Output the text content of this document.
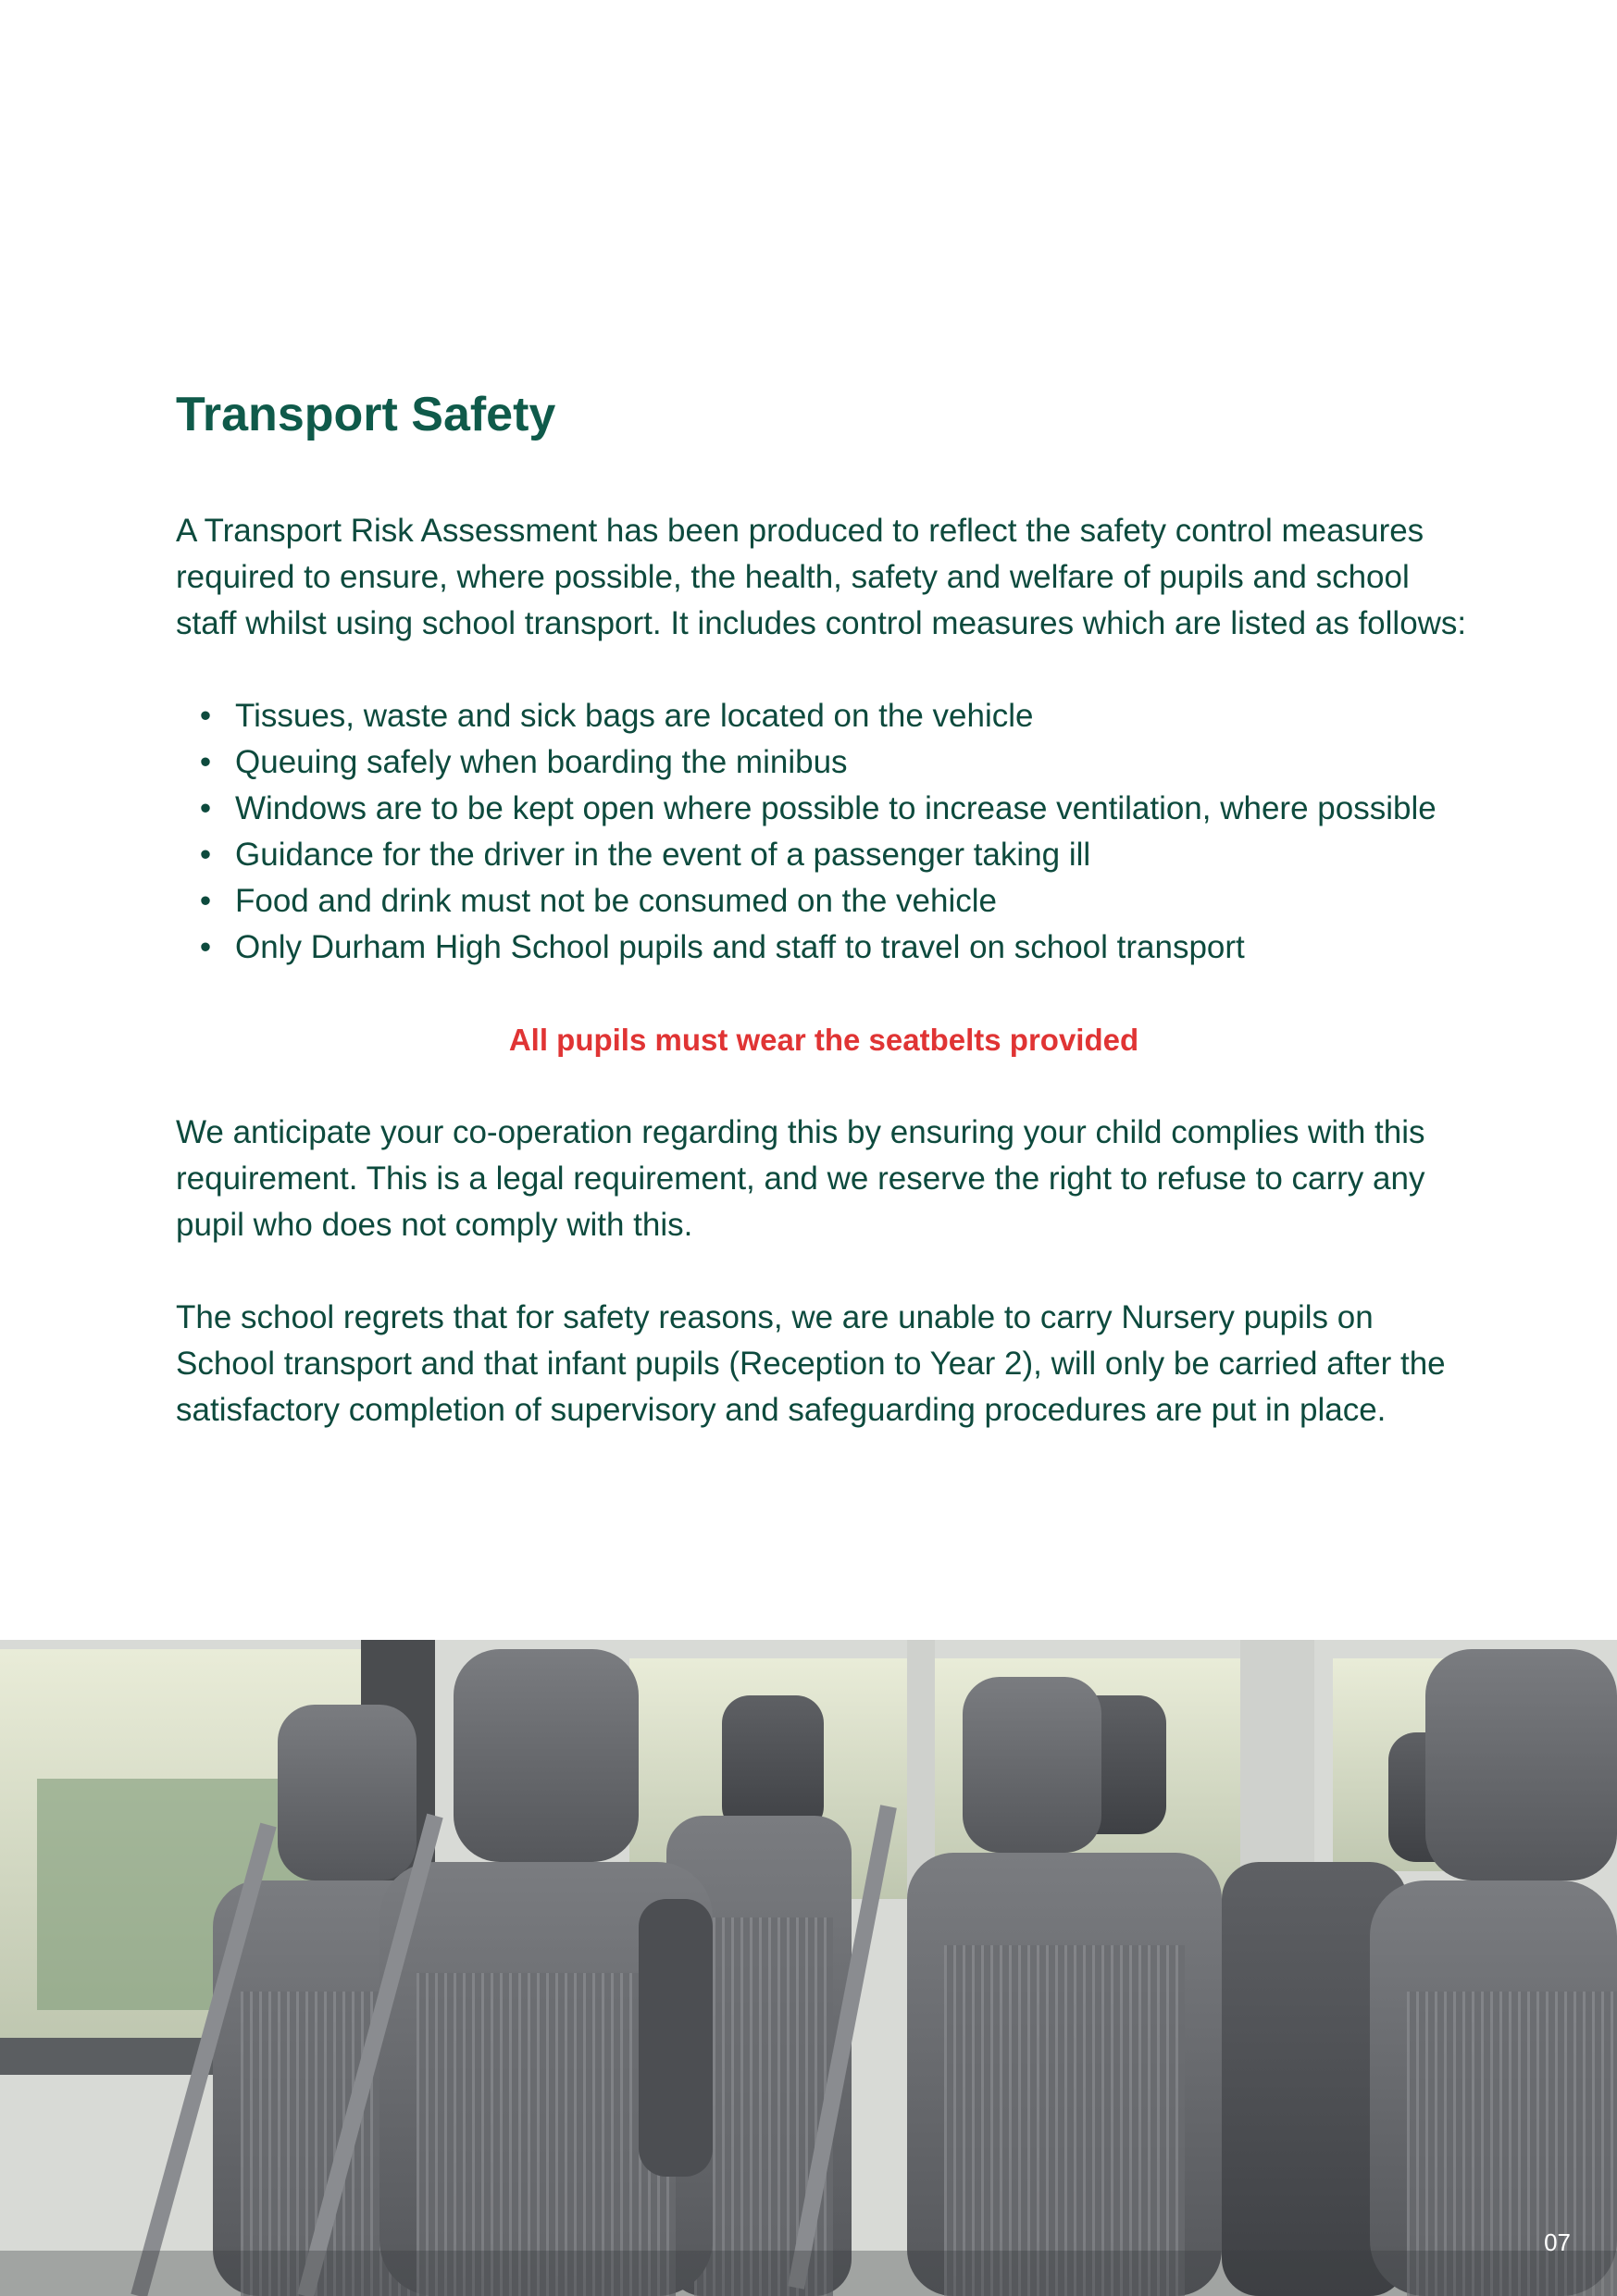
Transport Safety

A Transport Risk Assessment has been produced to reflect the safety control measures required to ensure, where possible, the health, safety and welfare of pupils and school staff whilst using school transport. It includes control measures which are listed as follows:

• Tissues, waste and sick bags are located on the vehicle
• Queuing safely when boarding the minibus
• Windows are to be kept open where possible to increase ventilation, where possible
• Guidance for the driver in the event of a passenger taking ill
• Food and drink must not be consumed on the vehicle
• Only Durham High School pupils and staff to travel on school transport

All pupils must wear the seatbelts provided

We anticipate your co-operation regarding this by ensuring your child complies with this requirement. This is a legal requirement, and we reserve the right to refuse to carry any pupil who does not comply with this.

The school regrets that for safety reasons, we are unable to carry Nursery pupils on School transport and that infant pupils (Reception to Year 2), will only be carried after the satisfactory completion of supervisory and safeguarding procedures are put in place.

07
